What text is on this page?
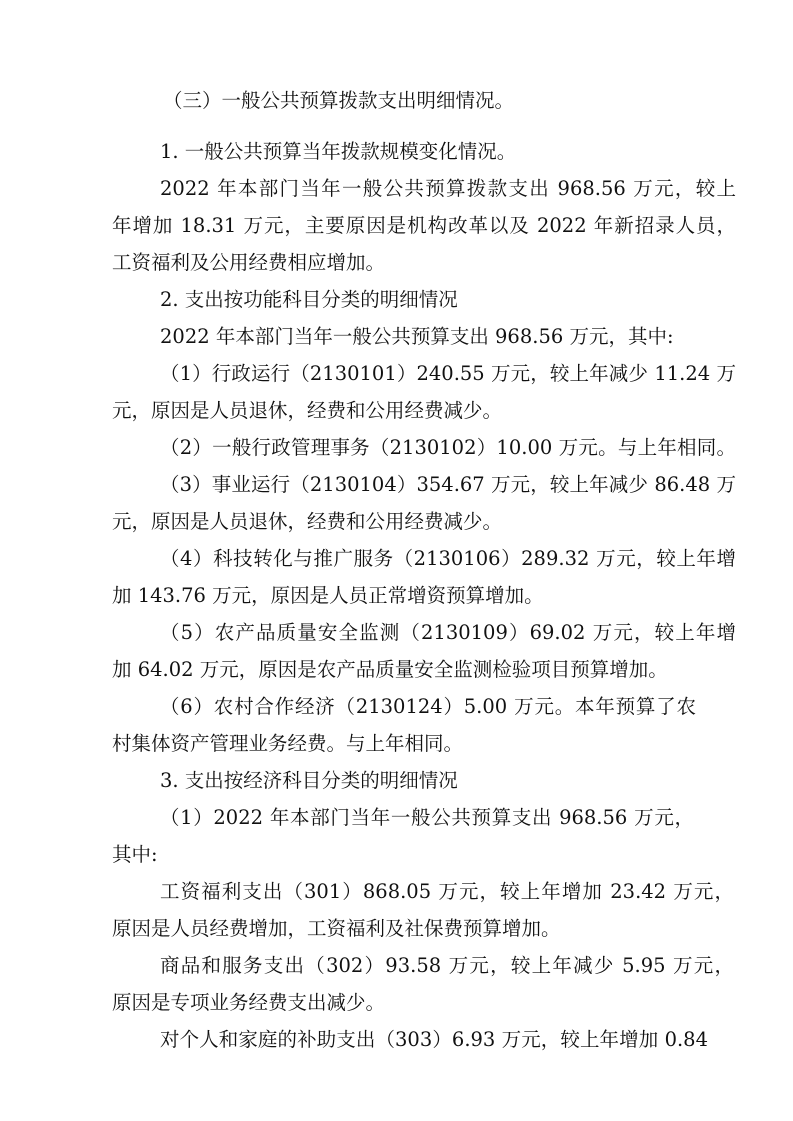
（三）一般公共预算拨款支出明细情况。

1. 一般公共预算当年拨款规模变化情况。

2022 年本部门当年一般公共预算拨款支出 968.56 万元，较上

年增加 18.31 万元，主要原因是机构改革以及 2022 年新招录人员，

工资福利及公用经费相应增加。

2. 支出按功能科目分类的明细情况

2022 年本部门当年一般公共预算支出 968.56 万元，其中:

（1）行政运行（2130101）240.55 万元，较上年减少 11.24 万

元，原因是人员退休，经费和公用经费减少。

（2）一般行政管理事务（2130102）10.00 万元。与上年相同。

（3）事业运行（2130104）354.67 万元，较上年减少 86.48 万

元，原因是人员退休，经费和公用经费减少。

（4）科技转化与推广服务（2130106）289.32 万元，较上年增

加 143.76 万元，原因是人员正常增资预算增加。

（5）农产品质量安全监测（2130109）69.02 万元，较上年增

加 64.02 万元，原因是农产品质量安全监测检验项目预算增加。

（6）农村合作经济（2130124）5.00 万元。本年预算了农

村集体资产管理业务经费。与上年相同。

3. 支出按经济科目分类的明细情况

（1）2022 年本部门当年一般公共预算支出 968.56 万元，

其中:

工资福利支出（301）868.05 万元，较上年增加 23.42 万元，

原因是人员经费增加，工资福利及社保费预算增加。

商品和服务支出（302）93.58 万元，较上年减少 5.95 万元，

原因是专项业务经费支出减少。

对个人和家庭的补助支出（303）6.93 万元，较上年增加 0.84
